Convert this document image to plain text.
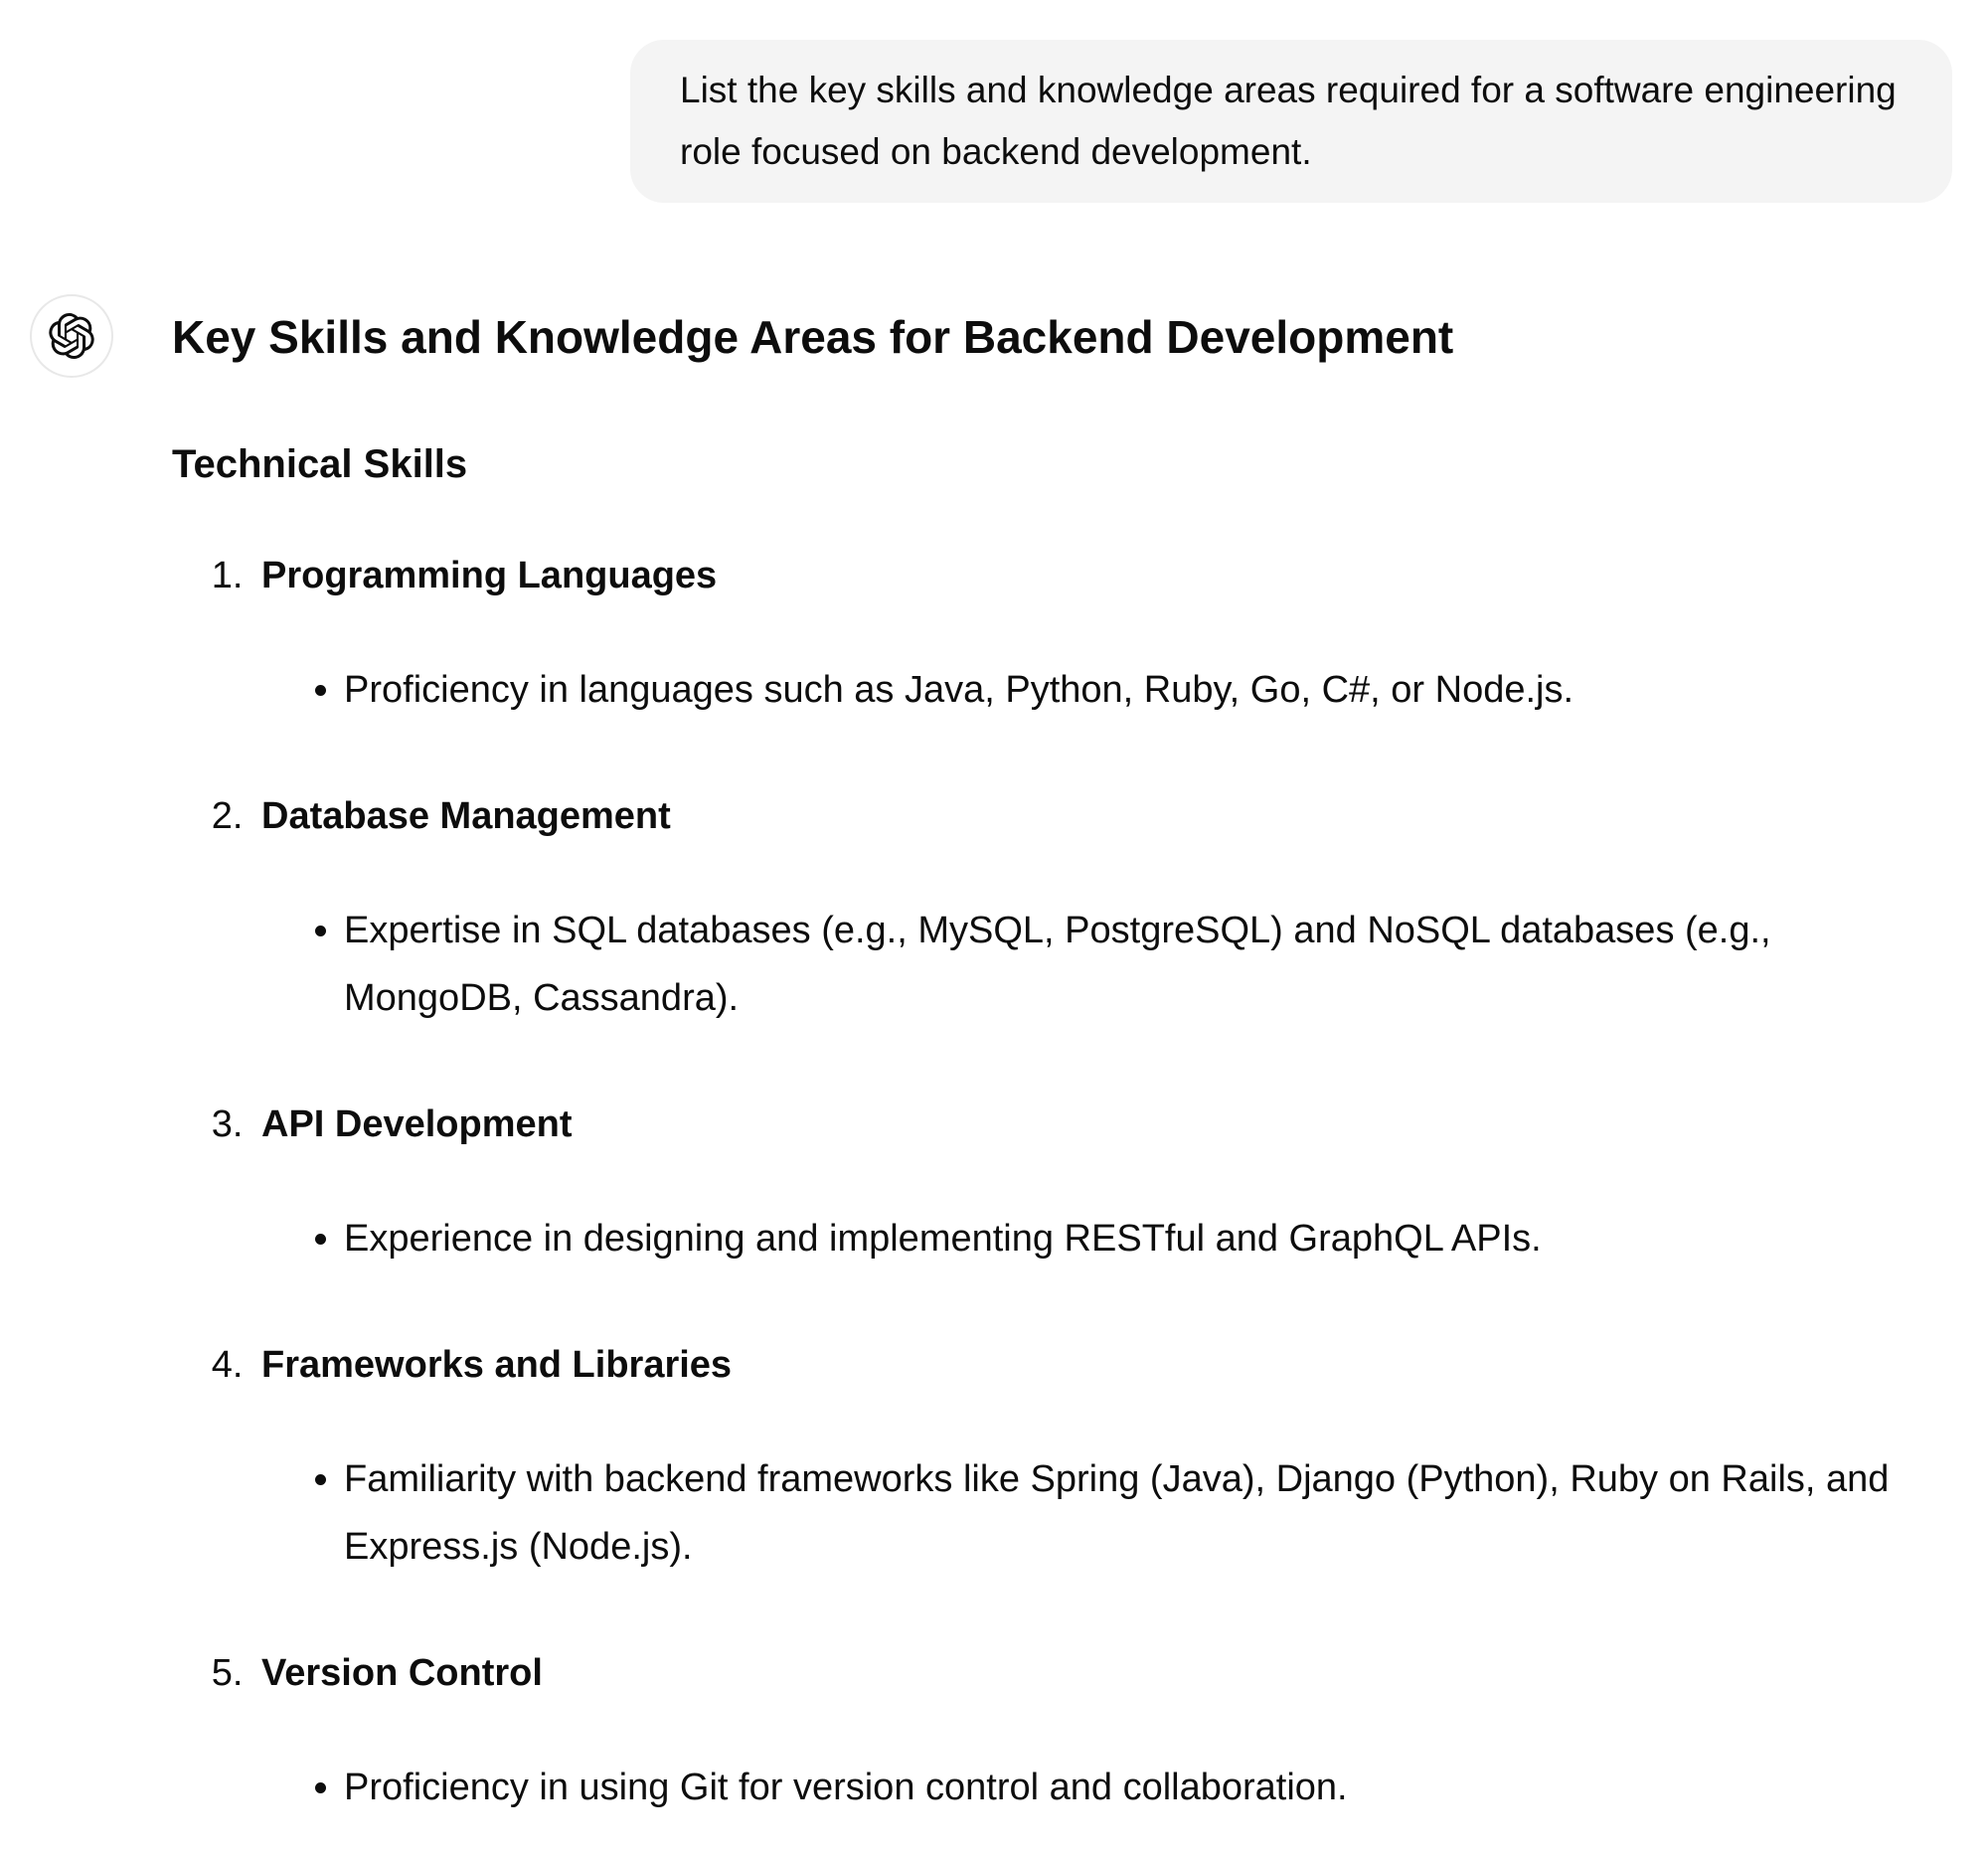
List the key skills and knowledge areas required for a software engineering role focused on backend development.
Key Skills and Knowledge Areas for Backend Development
Technical Skills
1. Programming Languages
• Proficiency in languages such as Java, Python, Ruby, Go, C#, or Node.js.
2. Database Management
• Expertise in SQL databases (e.g., MySQL, PostgreSQL) and NoSQL databases (e.g., MongoDB, Cassandra).
3. API Development
• Experience in designing and implementing RESTful and GraphQL APIs.
4. Frameworks and Libraries
• Familiarity with backend frameworks like Spring (Java), Django (Python), Ruby on Rails, and Express.js (Node.js).
5. Version Control
• Proficiency in using Git for version control and collaboration.
